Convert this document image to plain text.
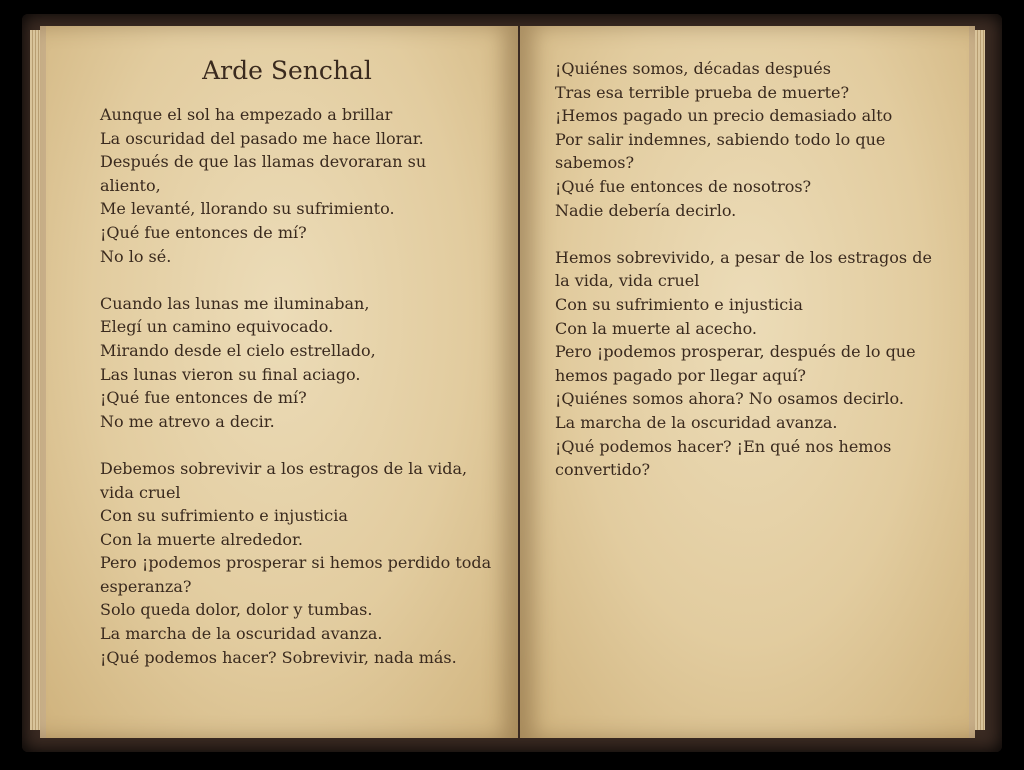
Arde Senchal
Aunque el sol ha empezado a brillar
La oscuridad del pasado me hace llorar.
Después de que las llamas devoraran su
aliento,
Me levanté, llorando su sufrimiento.
¡Qué fue entonces de mí?
No lo sé.
Cuando las lunas me iluminaban,
Elegí un camino equivocado.
Mirando desde el cielo estrellado,
Las lunas vieron su final aciago.
¡Qué fue entonces de mí?
No me atrevo a decir.
Debemos sobrevivir a los estragos de la vida,
vida cruel
Con su sufrimiento e injusticia
Con la muerte alrededor.
Pero ¡podemos prosperar si hemos perdido toda
esperanza?
Solo queda dolor, dolor y tumbas.
La marcha de la oscuridad avanza.
¡Qué podemos hacer? Sobrevivir, nada más.
¡Quiénes somos, décadas después
Tras esa terrible prueba de muerte?
¡Hemos pagado un precio demasiado alto
Por salir indemnes, sabiendo todo lo que
sabemos?
¡Qué fue entonces de nosotros?
Nadie debería decirlo.
Hemos sobrevivido, a pesar de los estragos de
la vida, vida cruel
Con su sufrimiento e injusticia
Con la muerte al acecho.
Pero ¡podemos prosperar, después de lo que
hemos pagado por llegar aquí?
¡Quiénes somos ahora? No osamos decirlo.
La marcha de la oscuridad avanza.
¡Qué podemos hacer? ¡En qué nos hemos
convertido?
